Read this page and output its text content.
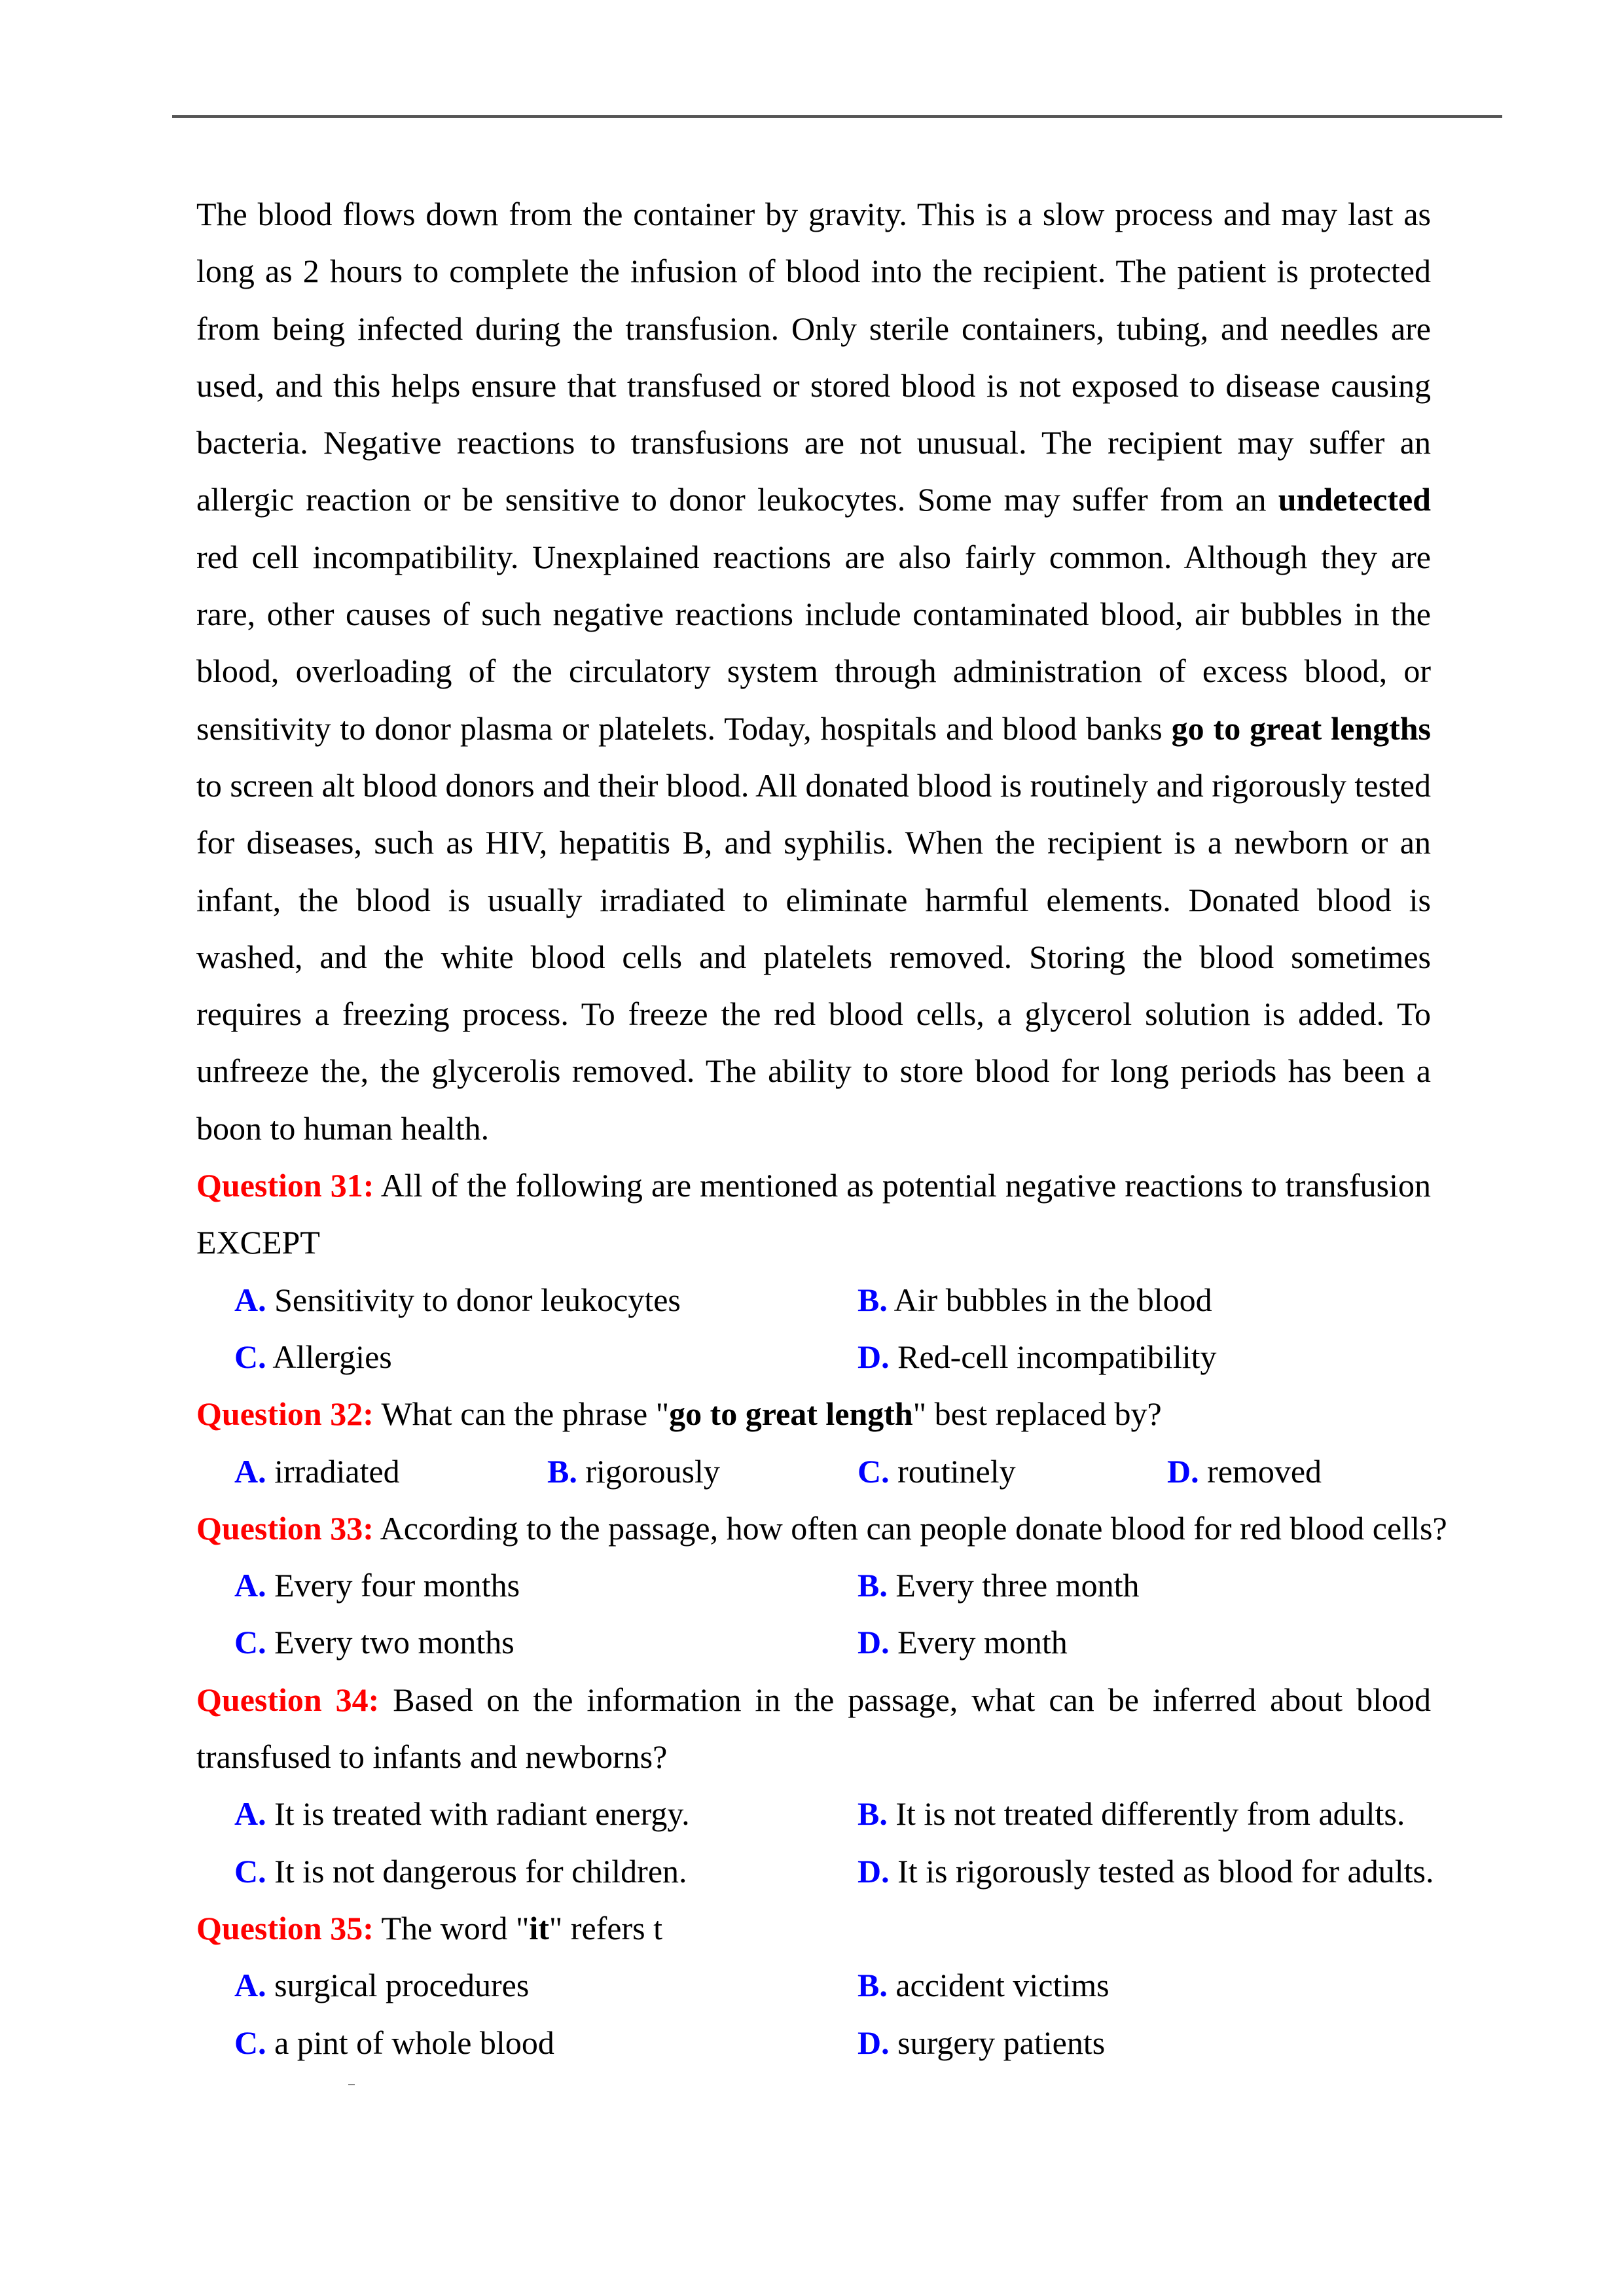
The blood flows down from the container by gravity. This is a slow process and may last as long as 2 hours to complete the infusion of blood into the recipient. The patient is protected from being infected during the transfusion. Only sterile containers, tubing, and needles are used, and this helps ensure that transfused or stored blood is not exposed to disease causing bacteria. Negative reactions to transfusions are not unusual. The recipient may suffer an allergic reaction or be sensitive to donor leukocytes. Some may suffer from an undetected red cell incompatibility. Unexplained reactions are also fairly common. Although they are rare, other causes of such negative reactions include contaminated blood, air bubbles in the blood, overloading of the circulatory system through administration of excess blood, or sensitivity to donor plasma or platelets. Today, hospitals and blood banks go to great lengths to screen alt blood donors and their blood. All donated blood is routinely and rigorously tested for diseases, such as HIV, hepatitis B, and syphilis. When the recipient is a newborn or an infant, the blood is usually irradiated to eliminate harmful elements. Donated blood is washed, and the white blood cells and platelets removed. Storing the blood sometimes requires a freezing process. To freeze the red blood cells, a glycerol solution is added. To unfreeze the, the glycerolis removed. The ability to store blood for long periods has been a boon to human health.

Question 31: All of the following are mentioned as potential negative reactions to transfusion EXCEPT

A. Sensitivity to donor leukocytes	B. Air bubbles in the blood
C. Allergies	D. Red-cell incompatibility

Question 32: What can the phrase "go to great length" best replaced by?

A. irradiated	B. rigorously	C. routinely	D. removed

Question 33: According to the passage, how often can people donate blood for red blood cells?

A. Every four months	B. Every three month
C. Every two months	D. Every month

Question 34: Based on the information in the passage, what can be inferred about blood transfused to infants and newborns?

A. It is treated with radiant energy.	B. It is not treated differently from adults.
C. It is not dangerous for children.	D. It is rigorously tested as blood for adults.

Question 35: The word "it" refers t

A. surgical procedures	B. accident victims
C. a pint of whole blood	D. surgery patients
